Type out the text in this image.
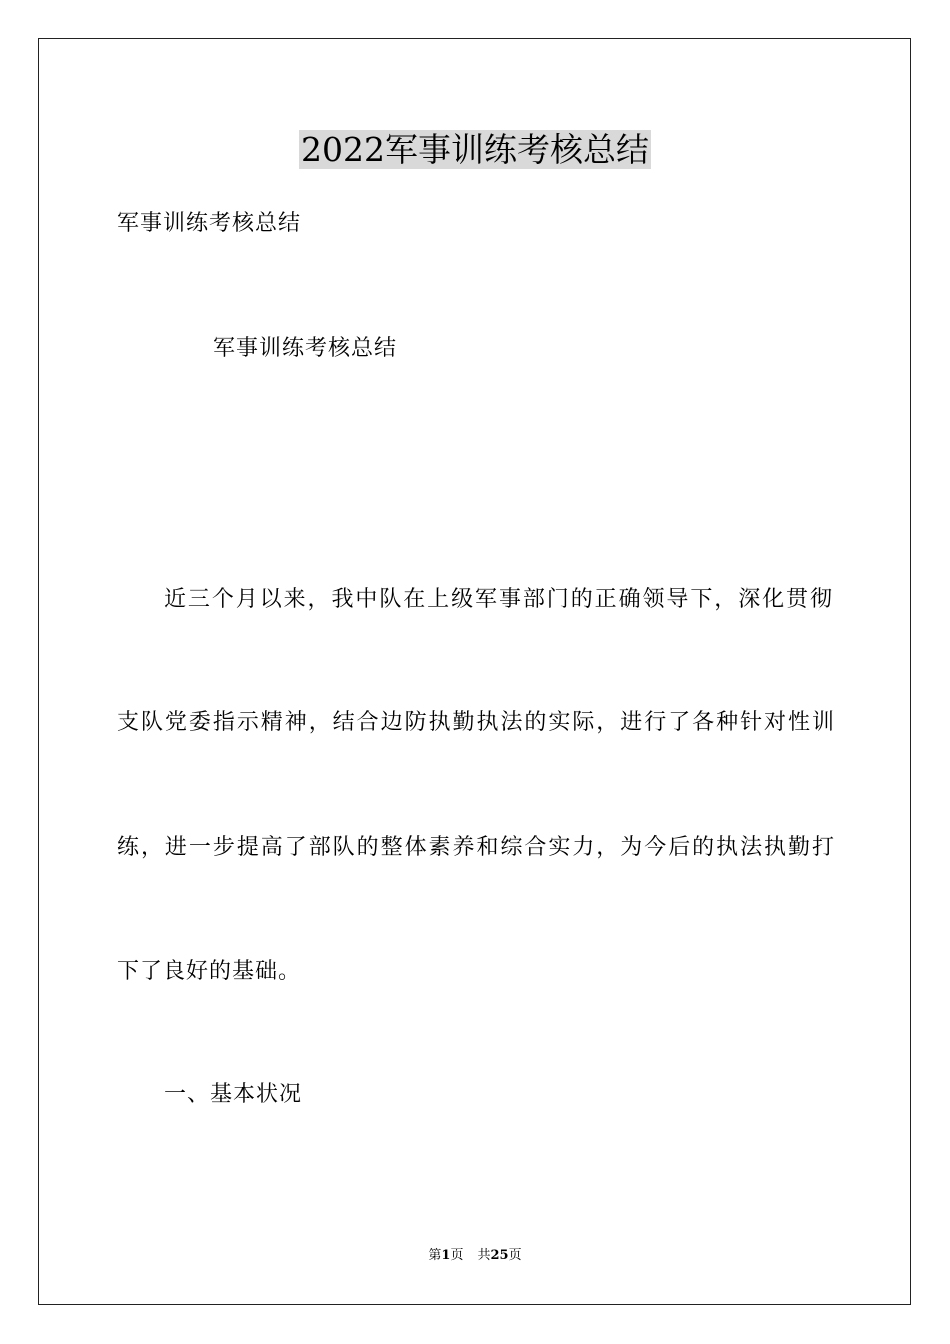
2022军事训练考核总结
军事训练考核总结
军事训练考核总结
近三个月以来，我中队在上级军事部门的正确领导下，深化贯彻
支队党委指示精神，结合边防执勤执法的实际，进行了各种针对性训
练，进一步提高了部队的整体素养和综合实力，为今后的执法执勤打
下了良好的基础。
一、基本状况
第1页 共25页
